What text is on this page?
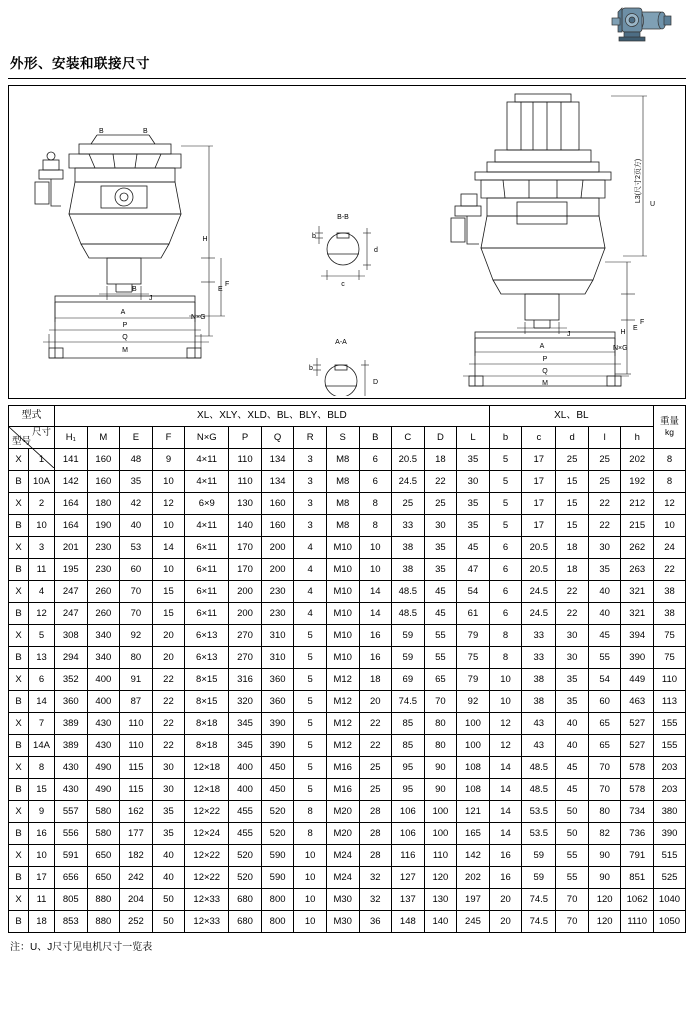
外形、安装和联接尺寸
B	B
H
E
F
A
J
B
P
Q
M
N×G
B-B
b
d
c
A-A
b
D
L3(尺寸2页方)
U
H
E
F
A
J
P
Q
M
N×G
型式		XL、XLY、XLD、BL、BLY、BLD													XL、BL					重量
kg

尺寸
型号		H₁	M	E	F	N×G	P	Q	R	S	B	C	D	L	b	c	d	l	h	
X	1	141	160	48	9	4×11	110	134	3	M8	6	20.5	18	35	5	17	25	25	202	8
B	10A	142	160	35	10	4×11	110	134	3	M8	6	24.5	22	30	5	17	15	25	192	8
X	2	164	180	42	12	6×9	130	160	3	M8	8	25	25	35	5	17	15	22	212	12
B	10	164	190	40	10	4×11	140	160	3	M8	8	33	30	35	5	17	15	22	215	10
X	3	201	230	53	14	6×11	170	200	4	M10	10	38	35	45	6	20.5	18	30	262	24
B	11	195	230	60	10	6×11	170	200	4	M10	10	38	35	47	6	20.5	18	35	263	22
X	4	247	260	70	15	6×11	200	230	4	M10	14	48.5	45	54	6	24.5	22	40	321	38
B	12	247	260	70	15	6×11	200	230	4	M10	14	48.5	45	61	6	24.5	22	40	321	38
X	5	308	340	92	20	6×13	270	310	5	M10	16	59	55	79	8	33	30	45	394	75
B	13	294	340	80	20	6×13	270	310	5	M10	16	59	55	75	8	33	30	55	390	75
X	6	352	400	91	22	8×15	316	360	5	M12	18	69	65	79	10	38	35	54	449	110
B	14	360	400	87	22	8×15	320	360	5	M12	20	74.5	70	92	10	38	35	60	463	113
X	7	389	430	110	22	8×18	345	390	5	M12	22	85	80	100	12	43	40	65	527	155
B	14A	389	430	110	22	8×18	345	390	5	M12	22	85	80	100	12	43	40	65	527	155
X	8	430	490	115	30	12×18	400	450	5	M16	25	95	90	108	14	48.5	45	70	578	203
B	15	430	490	115	30	12×18	400	450	5	M16	25	95	90	108	14	48.5	45	70	578	203
X	9	557	580	162	35	12×22	455	520	8	M20	28	106	100	121	14	53.5	50	80	734	380
B	16	556	580	177	35	12×24	455	520	8	M20	28	106	100	165	14	53.5	50	82	736	390
X	10	591	650	182	40	12×22	520	590	10	M24	28	116	110	142	16	59	55	90	791	515
B	17	656	650	242	40	12×22	520	590	10	M24	32	127	120	202	16	59	55	90	851	525
X	11	805	880	204	50	12×33	680	800	10	M30	32	137	130	197	20	74.5	70	120	1062	1040
B	18	853	880	252	50	12×33	680	800	10	M30	36	148	140	245	20	74.5	70	120	1110	1050
注：U、J尺寸见电机尺寸一览表
